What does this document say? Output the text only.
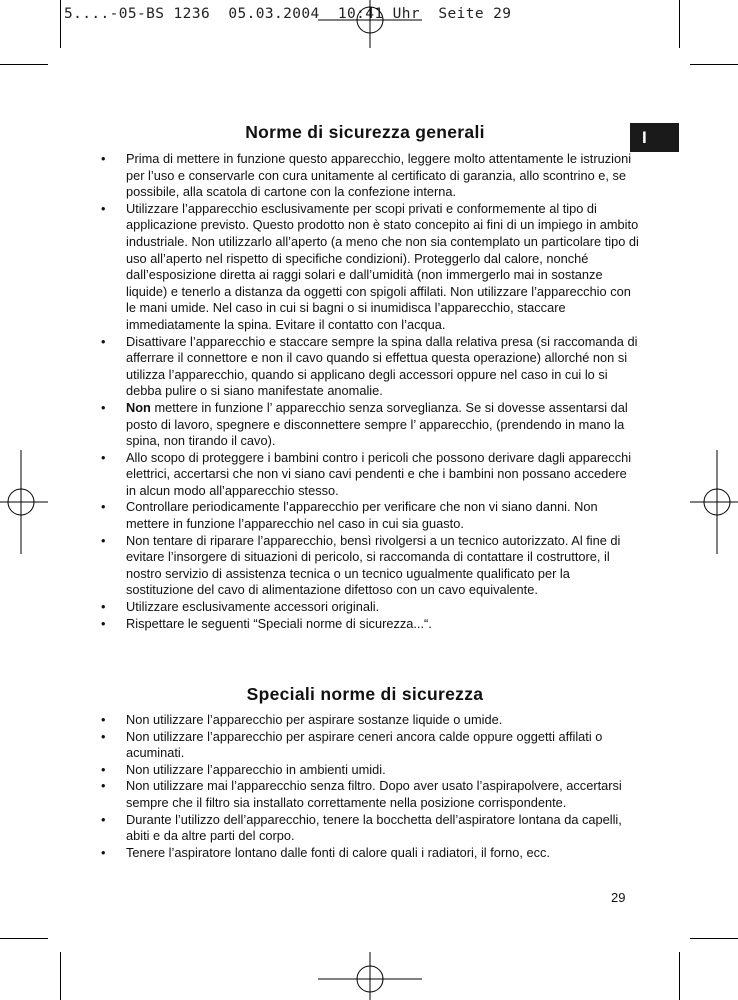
5....-05-BS 1236  05.03.2004  10:41 Uhr  Seite 29
I
Norme di sicurezza generali
• Prima di mettere in funzione questo apparecchio, leggere molto attentamente le istruzioni per l’uso e conservarle con cura unitamente al certificato di garanzia, allo scontrino e, se possibile, alla scatola di cartone con la confezione interna.
• Utilizzare l’apparecchio esclusivamente per scopi privati e conformemente al tipo di applicazione previsto. Questo prodotto non è stato concepito ai fini di un impiego in ambito industriale. Non utilizzarlo all’aperto (a meno che non sia contemplato un particolare tipo di uso all’aperto nel rispetto di specifiche condizioni). Proteggerlo dal calore, nonché dall’esposizione diretta ai raggi solari e dall’umidità (non immergerlo mai in sostanze liquide) e tenerlo a distanza da oggetti con spigoli affilati. Non utilizzare l’apparecchio con le mani umide. Nel caso in cui si bagni o si inumidisca l’apparecchio, staccare immediatamente la spina. Evitare il contatto con l’acqua.
• Disattivare l’apparecchio e staccare sempre la spina dalla relativa presa (si raccomanda di afferrare il connettore e non il cavo quando si effettua questa operazione) allorché non si utilizza l’apparecchio, quando si applicano degli accessori oppure nel caso in cui lo si debba pulire o si siano manifestate anomalie.
• Non mettere in funzione l’ apparecchio senza sorveglianza. Se si dovesse assentarsi dal posto di lavoro, spegnere e disconnettere sempre l’ apparecchio, (prendendo in mano la spina, non tirando il cavo).
• Allo scopo di proteggere i bambini contro i pericoli che possono derivare dagli apparecchi elettrici, accertarsi che non vi siano cavi pendenti e che i bambini non possano accedere in alcun modo all’apparecchio stesso.
• Controllare periodicamente l’apparecchio per verificare che non vi siano danni. Non mettere in funzione l’apparecchio nel caso in cui sia guasto.
• Non tentare di riparare l’apparecchio, bensì rivolgersi a un tecnico autorizzato. Al fine di evitare l’insorgere di situazioni di pericolo, si raccomanda di contattare il costruttore, il nostro servizio di assistenza tecnica o un tecnico ugualmente qualificato per la sostituzione del cavo di alimentazione difettoso con un cavo equivalente.
• Utilizzare esclusivamente accessori originali.
• Rispettare le seguenti “Speciali norme di sicurezza...“.
Speciali norme di sicurezza
• Non utilizzare l’apparecchio per aspirare sostanze liquide o umide.
• Non utilizzare l’apparecchio per aspirare ceneri ancora calde oppure oggetti affilati o acuminati.
• Non utilizzare l’apparecchio in ambienti umidi.
• Non utilizzare mai l’apparecchio senza filtro. Dopo aver usato l’aspirapolvere, accertarsi sempre che il filtro sia installato correttamente nella posizione corrispondente.
• Durante l’utilizzo dell’apparecchio, tenere la bocchetta dell’aspiratore lontana da capelli, abiti e da altre parti del corpo.
• Tenere l’aspiratore lontano dalle fonti di calore quali i radiatori, il forno, ecc.
29
